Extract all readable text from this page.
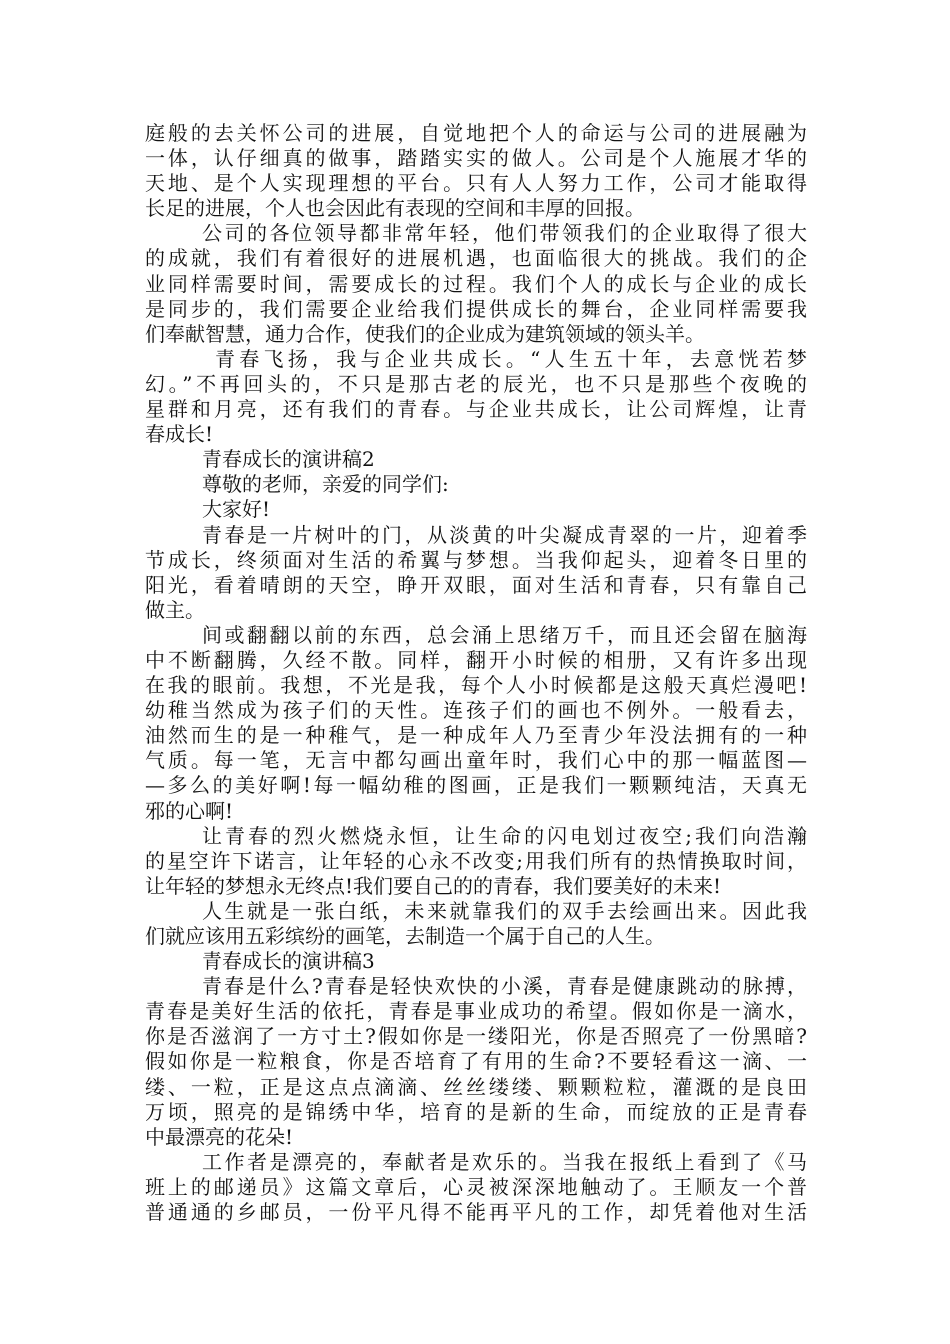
庭般的去关怀公司的进展，自觉地把个人的命运与公司的进展融为
一体，认仔细真的做事，踏踏实实的做人。公司是个人施展才华的
天地、是个人实现理想的平台。只有人人努力工作，公司才能取得
长足的进展，个人也会因此有表现的空间和丰厚的回报。
公司的各位领导都非常年轻，他们带领我们的企业取得了很大
的成就，我们有着很好的进展机遇，也面临很大的挑战。我们的企
业同样需要时间，需要成长的过程。我们个人的成长与企业的成长
是同步的，我们需要企业给我们提供成长的舞台，企业同样需要我
们奉献智慧，通力合作，使我们的企业成为建筑领域的领头羊。
青春飞扬，我与企业共成长。“人生五十年，去意恍若梦
幻。”不再回头的，不只是那古老的辰光，也不只是那些个夜晚的
星群和月亮，还有我们的青春。与企业共成长，让公司辉煌，让青
春成长!
青春成长的演讲稿2
尊敬的老师，亲爱的同学们:
大家好!
青春是一片树叶的门，从淡黄的叶尖凝成青翠的一片，迎着季
节成长，终须面对生活的希翼与梦想。当我仰起头，迎着冬日里的
阳光，看着晴朗的天空，睁开双眼，面对生活和青春，只有靠自己
做主。
间或翻翻以前的东西，总会涌上思绪万千，而且还会留在脑海
中不断翻腾，久经不散。同样，翻开小时候的相册，又有许多出现
在我的眼前。我想，不光是我，每个人小时候都是这般天真烂漫吧!
幼稚当然成为孩子们的天性。连孩子们的画也不例外。一般看去，
油然而生的是一种稚气，是一种成年人乃至青少年没法拥有的一种
气质。每一笔，无言中都勾画出童年时，我们心中的那一幅蓝图—
—多么的美好啊!每一幅幼稚的图画，正是我们一颗颗纯洁，天真无
邪的心啊!
让青春的烈火燃烧永恒，让生命的闪电划过夜空;我们向浩瀚
的星空许下诺言，让年轻的心永不改变;用我们所有的热情换取时间，
让年轻的梦想永无终点!我们要自己的的青春，我们要美好的未来!
人生就是一张白纸，未来就靠我们的双手去绘画出来。因此我
们就应该用五彩缤纷的画笔，去制造一个属于自己的人生。
青春成长的演讲稿3
青春是什么?青春是轻快欢快的小溪，青春是健康跳动的脉搏，
青春是美好生活的依托，青春是事业成功的希望。假如你是一滴水，
你是否滋润了一方寸土?假如你是一缕阳光，你是否照亮了一份黑暗?
假如你是一粒粮食，你是否培育了有用的生命?不要轻看这一滴、一
缕、一粒，正是这点点滴滴、丝丝缕缕、颗颗粒粒，灌溉的是良田
万顷，照亮的是锦绣中华，培育的是新的生命，而绽放的正是青春
中最漂亮的花朵!
工作者是漂亮的，奉献者是欢乐的。当我在报纸上看到了《马
班上的邮递员》这篇文章后，心灵被深深地触动了。王顺友一个普
普通通的乡邮员，一份平凡得不能再平凡的工作，却凭着他对生活
